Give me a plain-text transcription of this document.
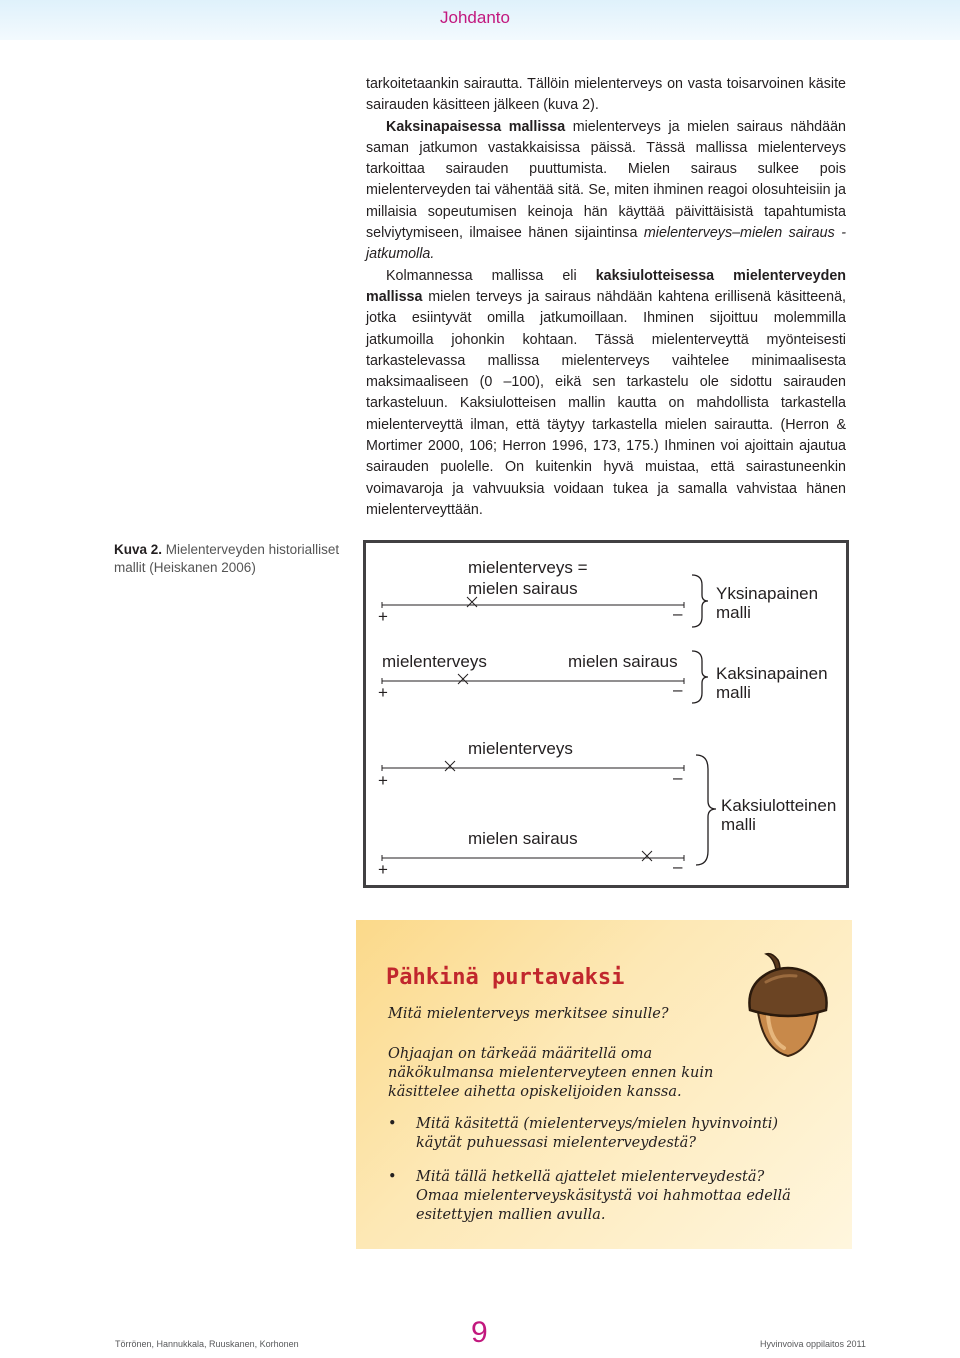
Johdanto

tarkoitetaankin sairautta. Tällöin mielenterveys on vasta toisarvoinen käsite sairauden käsitteen jälkeen (kuva 2).

Kaksinapaisessa mallissa mielenterveys ja mielen sairaus nähdään saman jatkumon vastakkaisissa päissä. Tässä mallissa mielenterveys tarkoittaa sairauden puuttumista. Mielen sairaus sulkee pois mielenterveyden tai vähentää sitä. Se, miten ihminen reagoi olosuhteisiin ja millaisia sopeutumisen keinoja hän käyttää päivittäisistä tapahtumista selviytymiseen, ilmaisee hänen sijaintinsa mielenterveys–mielen sairaus -jatkumolla.

Kolmannessa mallissa eli kaksiulotteisessa mielenterveyden mallissa mielen terveys ja sairaus nähdään kahtena erillisenä käsitteenä, jotka esiintyvät omilla jatkumoillaan. Ihminen sijoittuu molemmilla jatkumoilla johonkin kohtaan. Tässä mielenterveyttä myönteisesti tarkastelevassa mallissa mielenterveys vaihtelee minimaalisesta maksimaaliseen (0 –100), eikä sen tarkastelu ole sidottu sairauden tarkasteluun. Kaksiulotteisen mallin kautta on mahdollista tarkastella mielenterveyttä ilman, että täytyy tarkastella mielen sairautta. (Herron & Mortimer 2000, 106; Herron 1996, 173, 175.) Ihminen voi ajoittain ajautua sairauden puolelle. On kuitenkin hyvä muistaa, että sairastuneenkin voimavaroja ja vahvuuksia voidaan tukea ja samalla vahvistaa hänen mielenterveyttään.

Kuva 2. Mielenterveyden historialliset mallit (Heiskanen 2006)	mielenterveys =
mielen sairaus
+	–
Yksinapainen
malli
mielenterveys	mielen sairaus
+	–
Kaksinapainen
malli
mielenterveys
+	–
mielen sairaus
+	–
Kaksiulotteinen
malli
Pähkinä purtavaksi
Mitä mielenterveys merkitsee sinulle?
Ohjaajan on tärkeää määritellä oma
näkökulmansa mielenterveyteen ennen kuin
käsittelee aihetta opiskelijoiden kanssa.
• Mitä käsitettä (mielenterveys/mielen hyvinvointi)
käytät puhuessasi mielenterveydestä?
• Mitä tällä hetkellä ajattelet mielenterveydestä?
Omaa mielenterveyskäsitystä voi hahmottaa edellä
esitettyjen mallien avulla.
Törrönen, Hannukkala, Ruuskanen, Korhonen	9	Hyvinvoiva oppilaitos 2011
